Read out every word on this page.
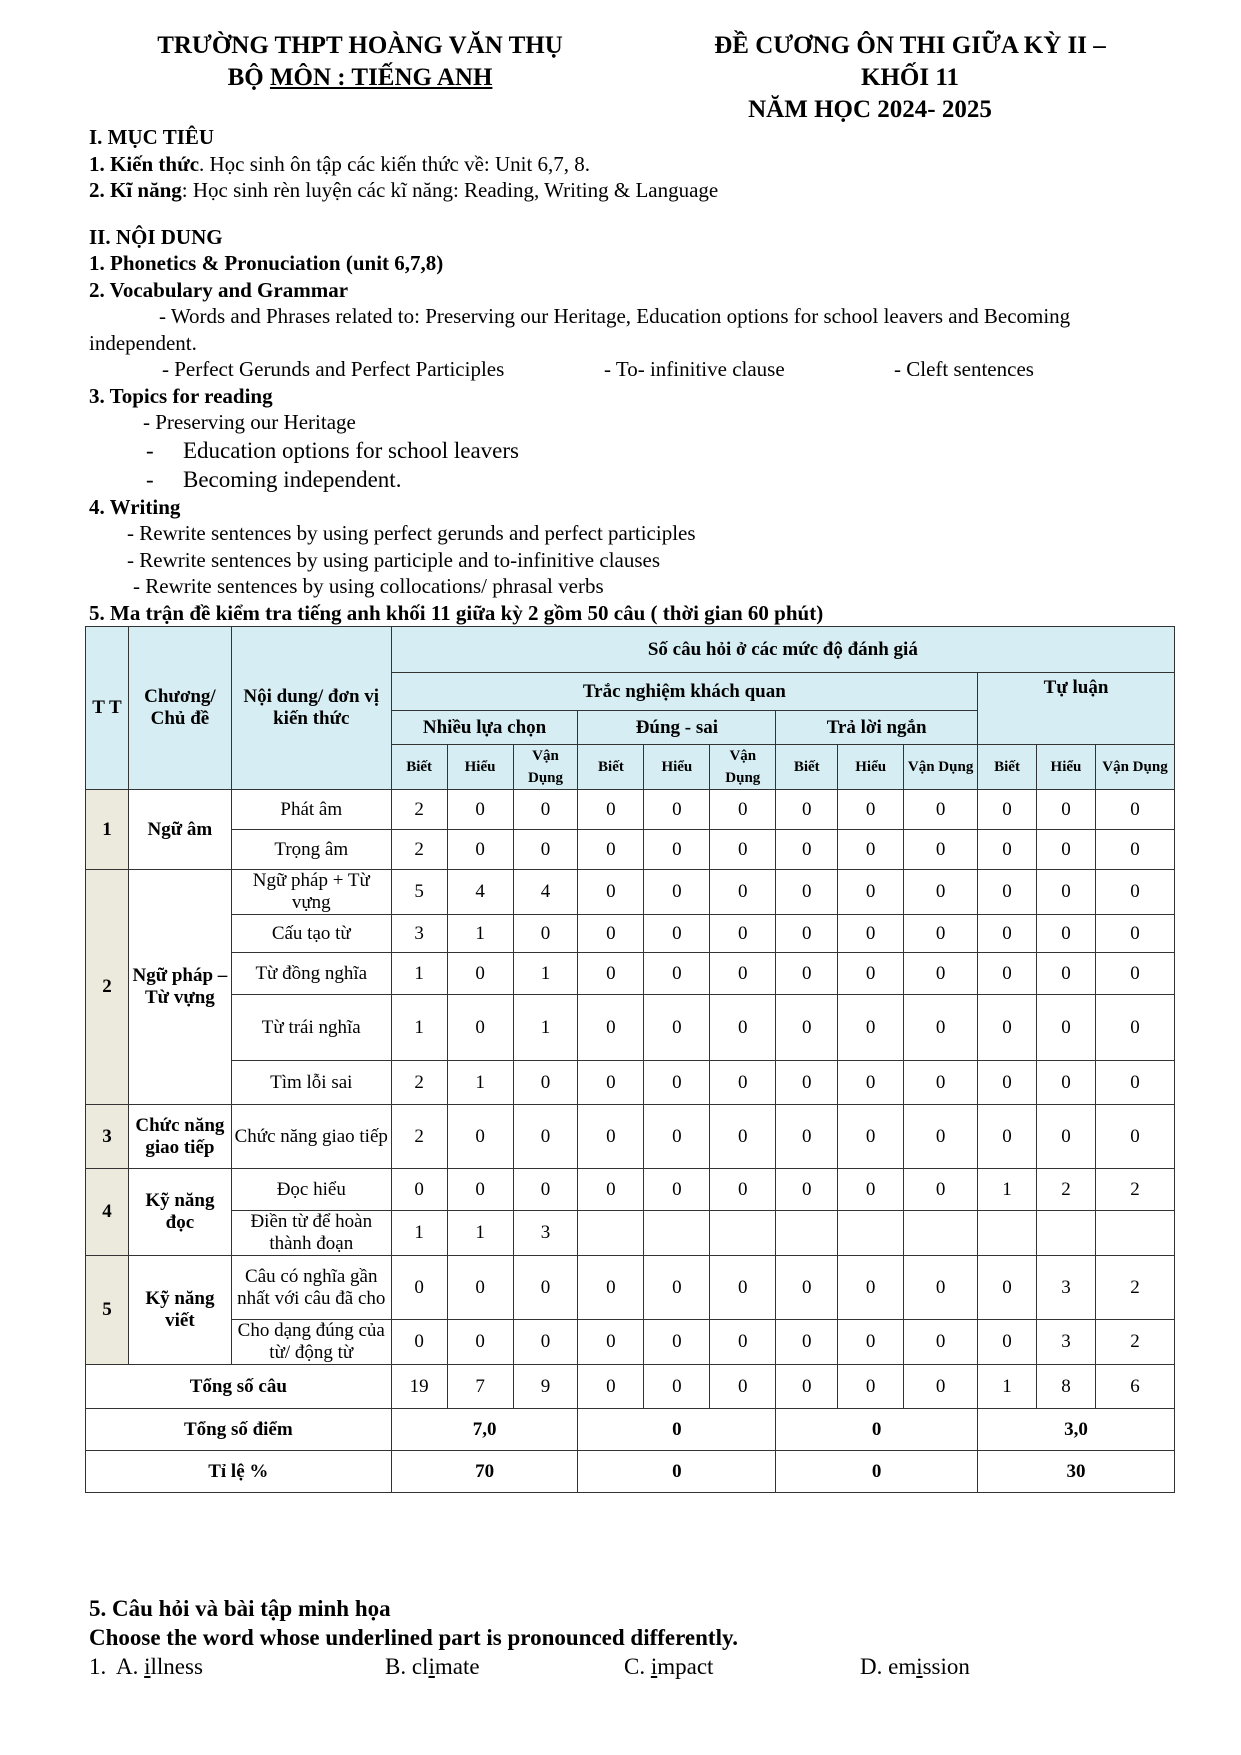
TRƯỜNG THPT HOÀNG VĂN THỤ
BỘ MÔN : TIẾNG ANH
ĐỀ CƯƠNG ÔN THI GIỮA KỲ II –
KHỐI 11
NĂM HỌC 2024- 2025
I. MỤC TIÊU
1. Kiến thức. Học sinh ôn tập các kiến thức về: Unit 6,7, 8.
2. Kĩ năng: Học sinh rèn luyện các kĩ năng: Reading, Writing & Language
II. NỘI DUNG
1. Phonetics & Pronuciation (unit 6,7,8)
2. Vocabulary and Grammar
- Words and Phrases related to: Preserving our Heritage, Education options for school leavers and Becoming
independent.
- Perfect Gerunds and Perfect Participles	- To- infinitive clause	- Cleft sentences
3. Topics for reading
- Preserving our Heritage
- Education options for school leavers
- Becoming independent.
4. Writing
- Rewrite sentences by using perfect gerunds and perfect participles
- Rewrite sentences by using participle and to-infinitive clauses
- Rewrite sentences by using collocations/ phrasal verbs
5. Ma trận đề kiểm tra tiếng anh khối 11 giữa kỳ 2 gồm 50 câu ( thời gian 60 phút)
T T	Chương/ Chủ đề	Nội dung/ đơn vị kiến thức	Số câu hỏi ở các mức độ đánh giá											
			Trắc nghiệm khách quan									Tự luận		
			Nhiều lựa chọn			Đúng - sai			Trả lời ngắn					
			Biết	Hiểu	Vận Dụng	Biết	Hiểu	Vận Dụng	Biết	Hiểu	Vận Dụng	Biết	Hiểu	Vận Dụng
1	Ngữ âm	Phát âm	2	0	0	0	0	0	0	0	0	0	0	0
		Trọng âm	2	0	0	0	0	0	0	0	0	0	0	0
2	Ngữ pháp – Từ vựng	Ngữ pháp + Từ vựng	5	4	4	0	0	0	0	0	0	0	0	0
		Cấu tạo từ	3	1	0	0	0	0	0	0	0	0	0	0
		Từ đồng nghĩa	1	0	1	0	0	0	0	0	0	0	0	0
		Từ trái nghĩa	1	0	1	0	0	0	0	0	0	0	0	0
		Tìm lỗi sai	2	1	0	0	0	0	0	0	0	0	0	0
3	Chức năng giao tiếp	Chức năng giao tiếp	2	0	0	0	0	0	0	0	0	0	0	0
4	Kỹ năng đọc	Đọc hiểu	0	0	0	0	0	0	0	0	0	1	2	2
		Điền từ để hoàn thành đoạn	1	1	3									
5	Kỹ năng viết	Câu có nghĩa gần nhất với câu đã cho	0	0	0	0	0	0	0	0	0	0	3	2
		Cho dạng đúng của từ/ động từ	0	0	0	0	0	0	0	0	0	0	3	2
Tổng số câu			19	7	9	0	0	0	0	0	0	1	8	6
Tổng số điểm			7,0			0			0			3,0		
Tỉ lệ %			70			0			0			30		
5. Câu hỏi và bài tập minh họa
Choose the word whose underlined part is pronounced differently.
1. A. illness	B. climate	C. impact	D. emission
